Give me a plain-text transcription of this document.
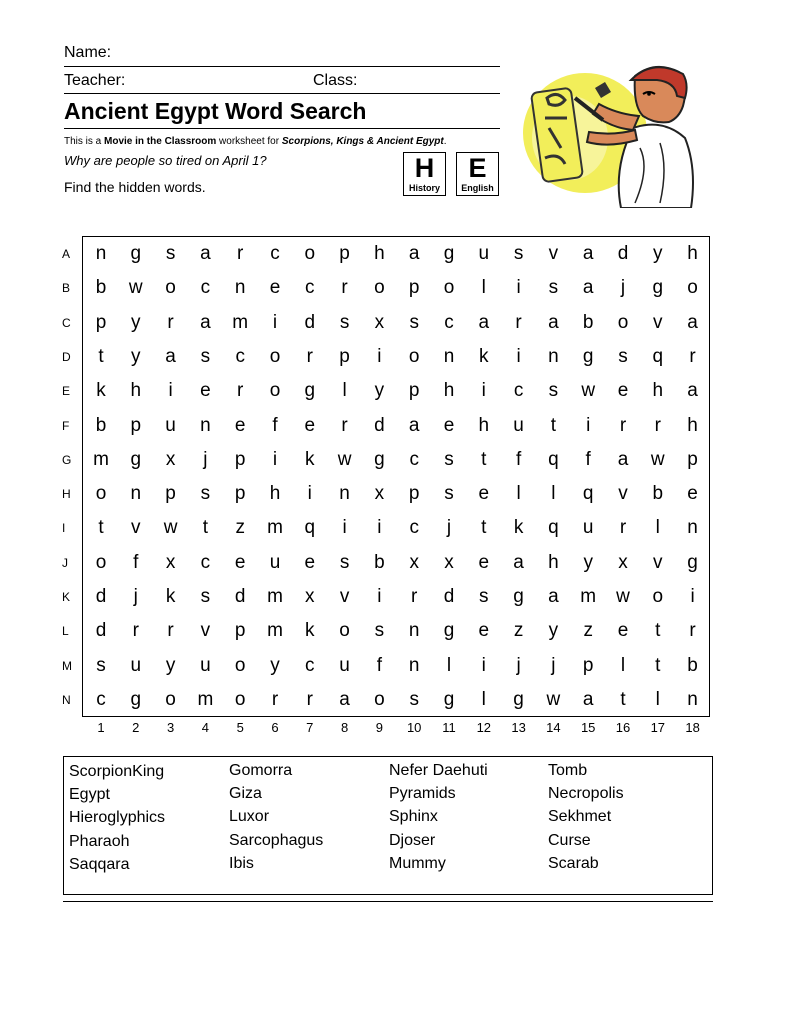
Name:
Teacher:	Class:
Ancient Egypt Word Search
This is a Movie in the Classroom worksheet for Scorpions, Kings & Ancient Egypt.
Why are people so tired on April 1?
Find the hidden words.
H
History
E
English
A	n	g	s	a	r	c	o	p	h	a	g	u	s	v	a	d	y	h
B	b	w	o	c	n	e	c	r	o	p	o	l	i	s	a	j	g	o
C	p	y	r	a	m	i	d	s	x	s	c	a	r	a	b	o	v	a
D	t	y	a	s	c	o	r	p	i	o	n	k	i	n	g	s	q	r
E	k	h	i	e	r	o	g	l	y	p	h	i	c	s	w	e	h	a
F	b	p	u	n	e	f	e	r	d	a	e	h	u	t	i	r	r	h
G	m	g	x	j	p	i	k	w	g	c	s	t	f	q	f	a	w	p
H	o	n	p	s	p	h	i	n	x	p	s	e	l	l	q	v	b	e
I	t	v	w	t	z	m	q	i	i	c	j	t	k	q	u	r	l	n
J	o	f	x	c	e	u	e	s	b	x	x	e	a	h	y	x	v	g
K	d	j	k	s	d	m	x	v	i	r	d	s	g	a	m	w	o	i
L	d	r	r	v	p	m	k	o	s	n	g	e	z	y	z	e	t	r
M	s	u	y	u	o	y	c	u	f	n	l	i	j	j	p	l	t	b
N	c	g	o	m	o	r	r	a	o	s	g	l	g	w	a	t	l	n
1	2	3	4	5	6	7	8	9	10	11	12	13	14	15	16	17	18
ScorpionKing
Egypt
Hieroglyphics
Pharaoh
Saqqara
Gomorra
Giza
Luxor
Sarcophagus
Ibis
Nefer Daehuti
Pyramids
Sphinx
Djoser
Mummy
Tomb
Necropolis
Sekhmet
Curse
Scarab
